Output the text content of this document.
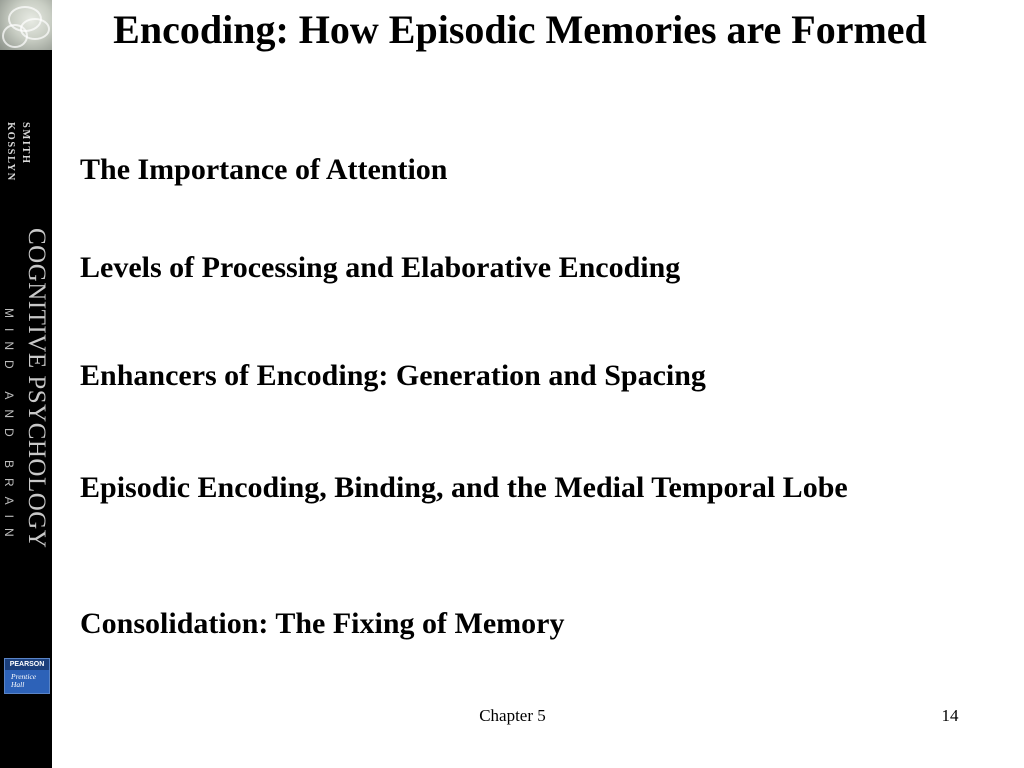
SMITH
KOSSLYN
COGNITIVE PSYCHOLOGY
MIND AND BRAIN
PEARSON
Prentice Hall
Encoding: How Episodic Memories are Formed
The Importance of Attention
Levels of Processing and Elaborative Encoding
Enhancers of Encoding: Generation and Spacing
Episodic Encoding, Binding, and the Medial Temporal Lobe
Consolidation: The Fixing of Memory
Chapter 5	14
